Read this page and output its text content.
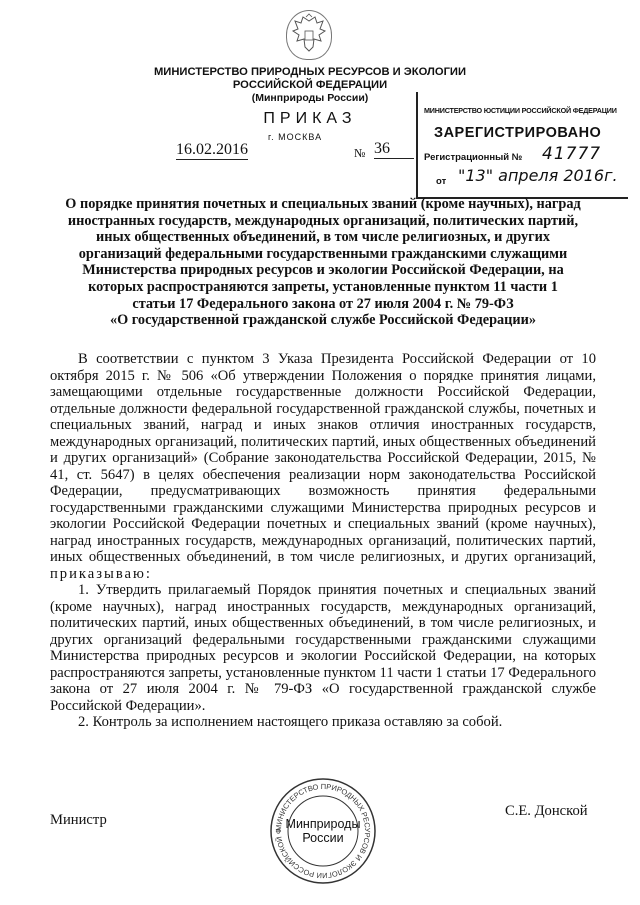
МИНИСТЕРСТВО ПРИРОДНЫХ РЕСУРСОВ И ЭКОЛОГИИ
РОССИЙСКОЙ ФЕДЕРАЦИИ
(Минприроды России)
ПРИКАЗ
г. МОСКВА
16.02.2016	№ 36
МИНИСТЕРСТВО ЮСТИЦИИ РОССИЙСКОЙ ФЕДЕРАЦИИ
ЗАРЕГИСТРИРОВАНО
Регистрационный № 41777
от "13" апреля 2016г.
О порядке принятия почетных и специальных званий (кроме научных), наград
иностранных государств, международных организаций, политических партий,
иных общественных объединений, в том числе религиозных, и других
организаций федеральными государственными гражданскими служащими
Министерства природных ресурсов и экологии Российской Федерации, на
которых распространяются запреты, установленные пунктом 11 части 1
статьи 17 Федерального закона от 27 июля 2004 г. № 79-ФЗ
«О государственной гражданской службе Российской Федерации»

В соответствии с пунктом 3 Указа Президента Российской Федерации от 10 октября 2015 г. № 506 «Об утверждении Положения о порядке принятия лицами, замещающими отдельные государственные должности Российской Федерации, отдельные должности федеральной государственной гражданской службы, почетных и специальных званий, наград и иных знаков отличия иностранных государств, международных организаций, политических партий, иных общественных объединений и других организаций» (Собрание законодательства Российской Федерации, 2015, № 41, ст. 5647) в целях обеспечения реализации норм законодательства Российской Федерации, предусматривающих возможность принятия федеральными государственными гражданскими служащими Министерства природных ресурсов и экологии Российской Федерации почетных и специальных званий (кроме научных), наград иностранных государств, международных организаций, политических партий, иных общественных объединений, в том числе религиозных, и других организаций, приказываю:

1. Утвердить прилагаемый Порядок принятия почетных и специальных званий (кроме научных), наград иностранных государств, международных организаций, политических партий, иных общественных объединений, в том числе религиозных, и других организаций федеральными государственными гражданскими служащими Министерства природных ресурсов и экологии Российской Федерации, на которых распространяются запреты, установленные пунктом 11 части 1 статьи 17 Федерального закона от 27 июля 2004 г. № 79-ФЗ «О государственной гражданской службе Российской Федерации».

2. Контроль за исполнением настоящего приказа оставляю за собой.

Министр
С.Е. Донской
МИНИСТЕРСТВО ПРИРОДНЫХ РЕСУРСОВ И ЭКОЛОГИИ РОССИЙСКОЙ Ф
Минприроды
России
